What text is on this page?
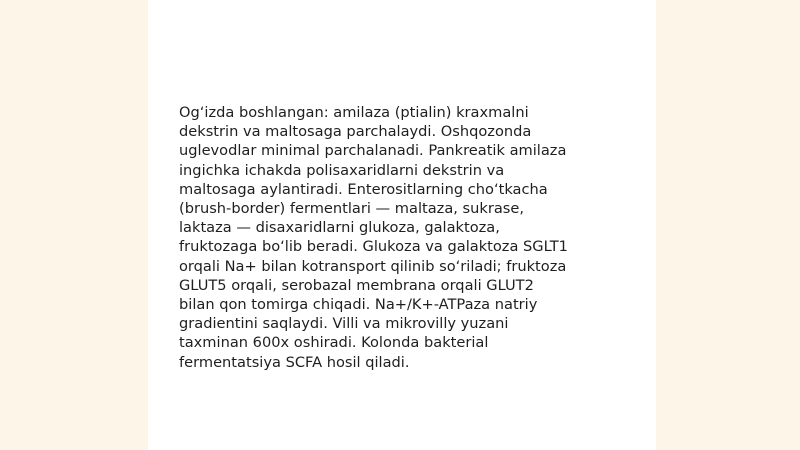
Og‘izda boshlangan: amilaza (ptialin) kraxmalni
dekstrin va maltosaga parchalaydi. Oshqozonda
uglevodlar minimal parchalanadi. Pankreatik amilaza
ingichka ichakda polisaxaridlarni dekstrin va
maltosaga aylantiradi. Enterositlarning cho‘tkacha
(brush-border) fermentlari — maltaza, sukrase,
laktaza — disaxaridlarni glukoza, galaktoza,
fruktozaga bo‘lib beradi. Glukoza va galaktoza SGLT1
orqali Na+ bilan kotransport qilinib so‘riladi; fruktoza
GLUT5 orqali, serobazal membrana orqali GLUT2
bilan qon tomirga chiqadi. Na+/K+-ATPaza natriy
gradientini saqlaydi. Villi va mikrovilly yuzani
taxminan 600x oshiradi. Kolonda bakterial
fermentatsiya SCFA hosil qiladi.
